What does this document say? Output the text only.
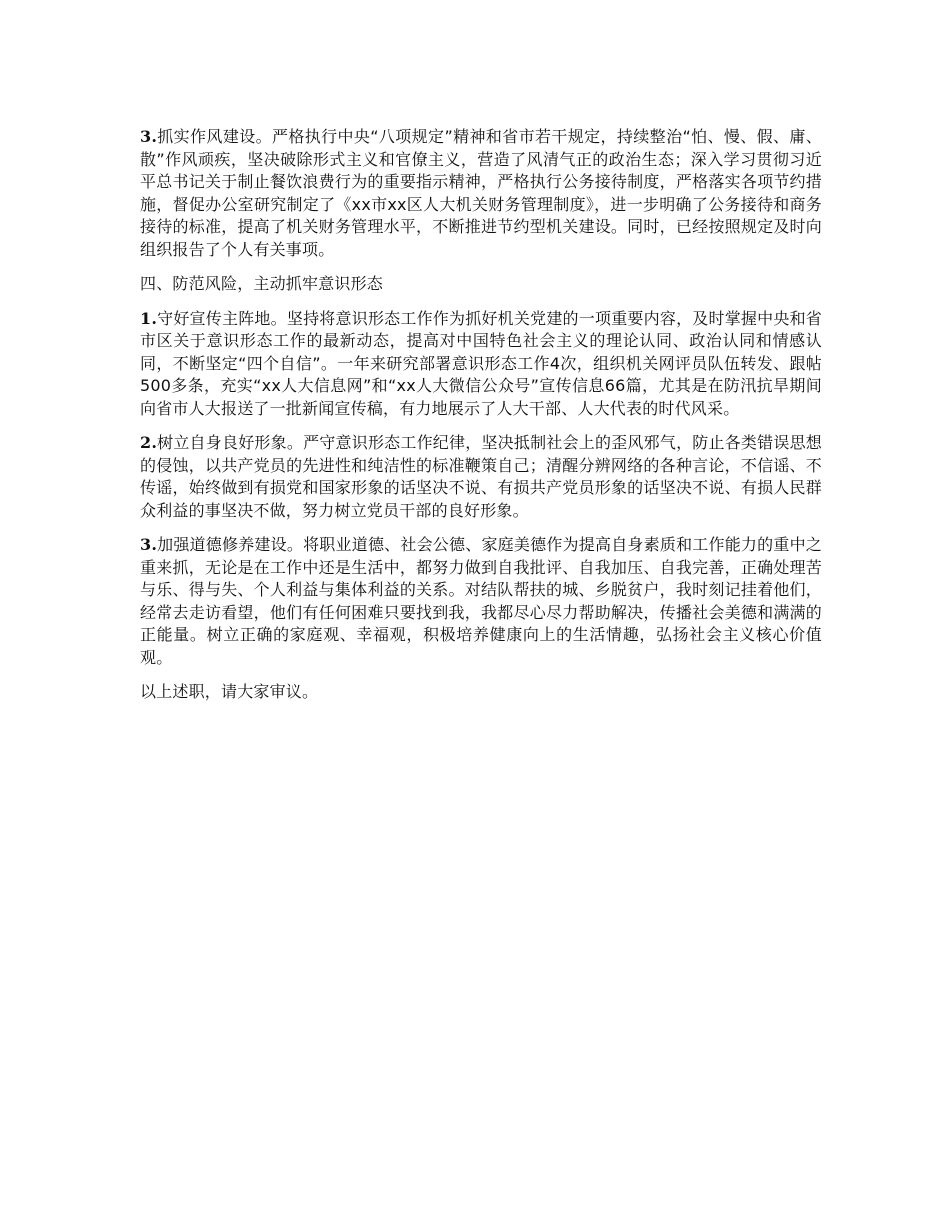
3.抓实作风建设。严格执行中央“八项规定”精神和省市若干规定，持续整治“怕、慢、假、庸、散”作风顽疾，坚决破除形式主义和官僚主义，营造了风清气正的政治生态；深入学习贯彻习近平总书记关于制止餐饮浪费行为的重要指示精神，严格执行公务接待制度，严格落实各项节约措施，督促办公室研究制定了《xx市xx区人大机关财务管理制度》，进一步明确了公务接待和商务接待的标准，提高了机关财务管理水平，不断推进节约型机关建设。同时，已经按照规定及时向组织报告了个人有关事项。

四、防范风险，主动抓牢意识形态

1.守好宣传主阵地。坚持将意识形态工作作为抓好机关党建的一项重要内容，及时掌握中央和省市区关于意识形态工作的最新动态，提高对中国特色社会主义的理论认同、政治认同和情感认同，不断坚定“四个自信”。一年来研究部署意识形态工作4次，组织机关网评员队伍转发、跟帖500多条，充实“xx人大信息网”和“xx人大微信公众号”宣传信息66篇，尤其是在防汛抗旱期间向省市人大报送了一批新闻宣传稿，有力地展示了人大干部、人大代表的时代风采。

2.树立自身良好形象。严守意识形态工作纪律，坚决抵制社会上的歪风邪气，防止各类错误思想的侵蚀，以共产党员的先进性和纯洁性的标准鞭策自己；清醒分辨网络的各种言论，不信谣、不传谣，始终做到有损党和国家形象的话坚决不说、有损共产党员形象的话坚决不说、有损人民群众利益的事坚决不做，努力树立党员干部的良好形象。

3.加强道德修养建设。将职业道德、社会公德、家庭美德作为提高自身素质和工作能力的重中之重来抓，无论是在工作中还是生活中，都努力做到自我批评、自我加压、自我完善，正确处理苦与乐、得与失、个人利益与集体利益的关系。对结队帮扶的城、乡脱贫户，我时刻记挂着他们，经常去走访看望，他们有任何困难只要找到我，我都尽心尽力帮助解决，传播社会美德和满满的正能量。树立正确的家庭观、幸福观，积极培养健康向上的生活情趣，弘扬社会主义核心价值观。

以上述职，请大家审议。
